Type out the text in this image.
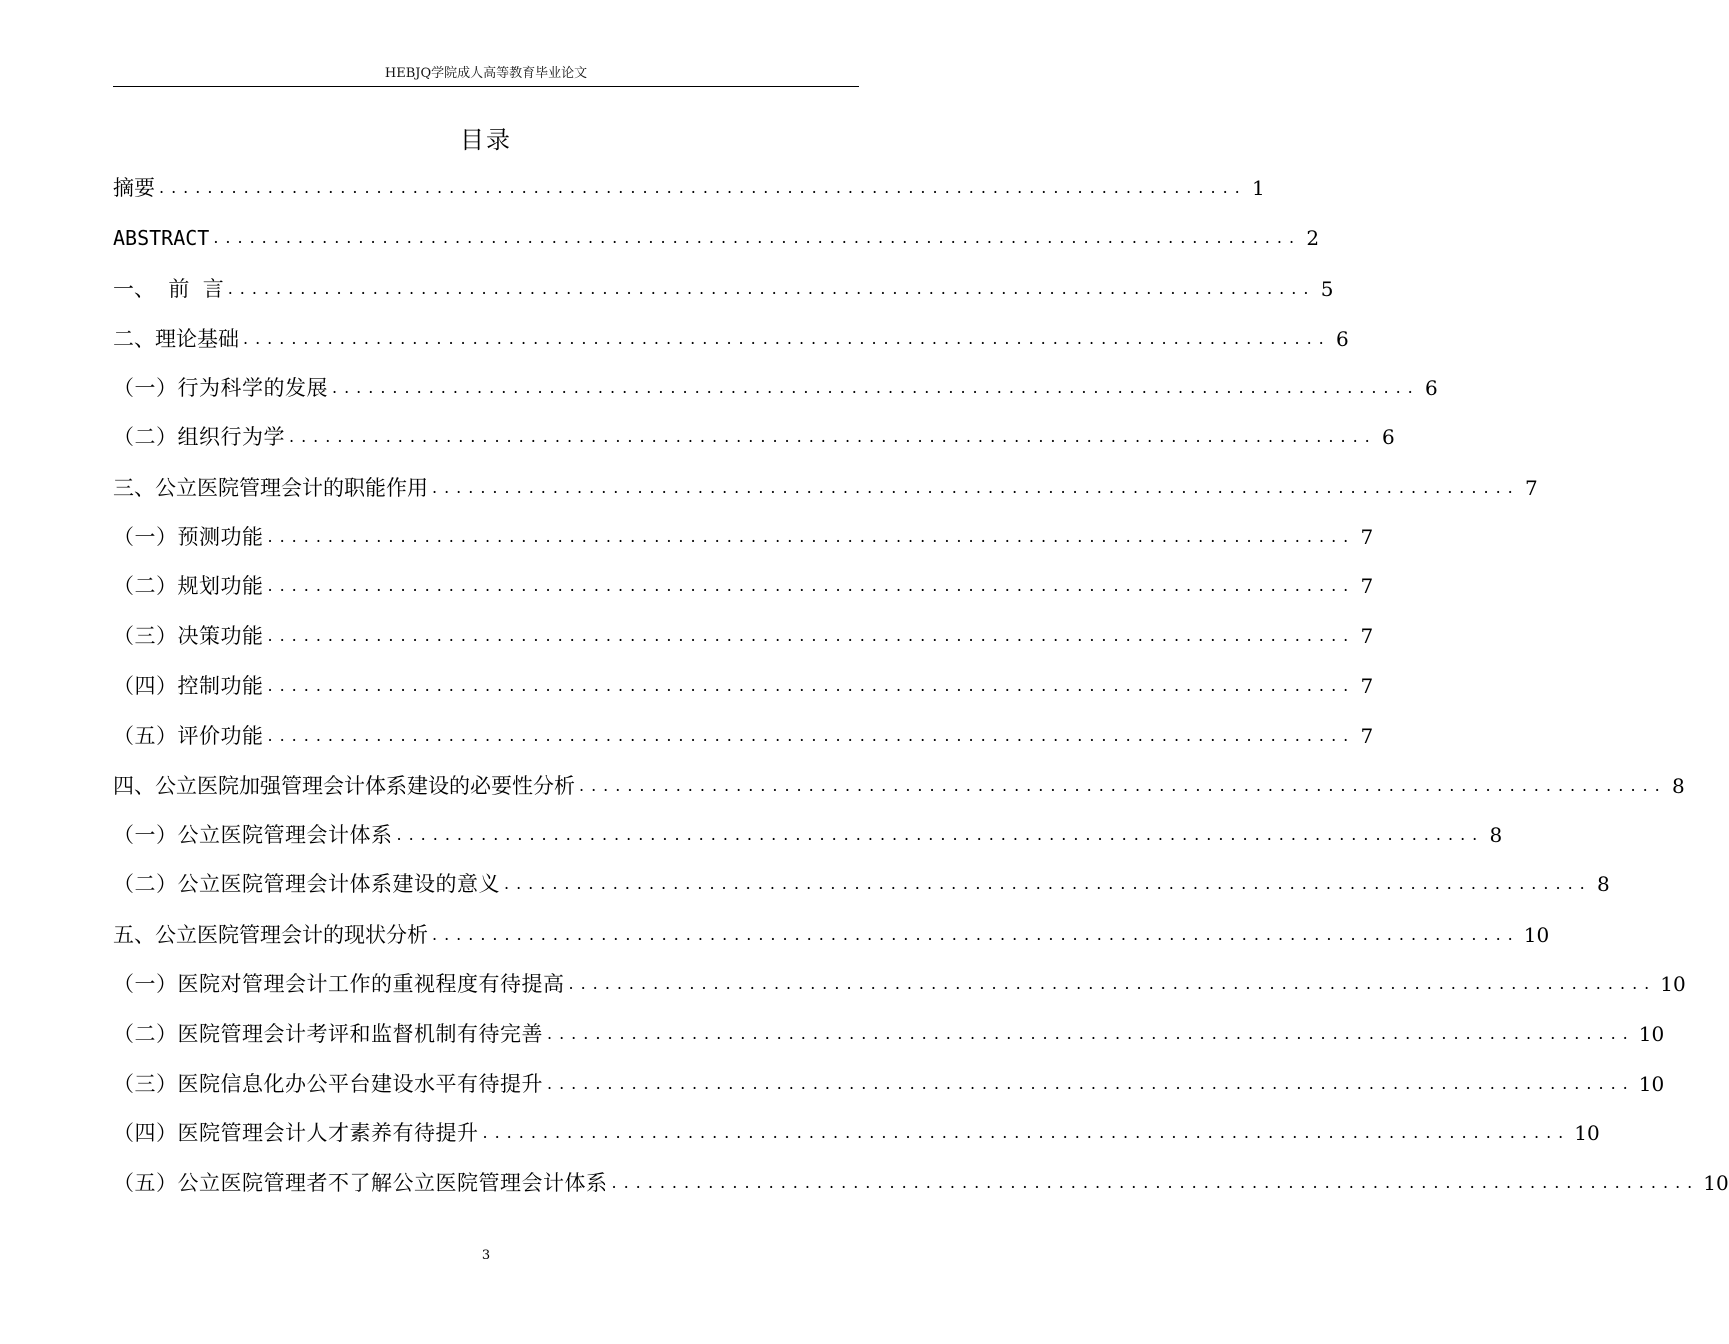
HEBJQ学院成人高等教育毕业论文
目录
摘要 .......................................................................................... 1
ABSTRACT .......................................................................................... 2
一、  前  言 .......................................................................................... 5
二、理论基础 .......................................................................................... 6
（一）行为科学的发展 .......................................................................................... 6
（二）组织行为学 .......................................................................................... 6
三、公立医院管理会计的职能作用 .......................................................................................... 7
（一）预测功能 .......................................................................................... 7
（二）规划功能 .......................................................................................... 7
（三）决策功能 .......................................................................................... 7
（四）控制功能 .......................................................................................... 7
（五）评价功能 .......................................................................................... 7
四、公立医院加强管理会计体系建设的必要性分析 .......................................................................................... 8
（一）公立医院管理会计体系 .......................................................................................... 8
（二）公立医院管理会计体系建设的意义 .......................................................................................... 8
五、公立医院管理会计的现状分析 .......................................................................................... 10
（一）医院对管理会计工作的重视程度有待提高 .......................................................................................... 10
（二）医院管理会计考评和监督机制有待完善 .......................................................................................... 10
（三）医院信息化办公平台建设水平有待提升 .......................................................................................... 10
（四）医院管理会计人才素养有待提升 .......................................................................................... 10
（五）公立医院管理者不了解公立医院管理会计体系 .......................................................................................... 10
3
